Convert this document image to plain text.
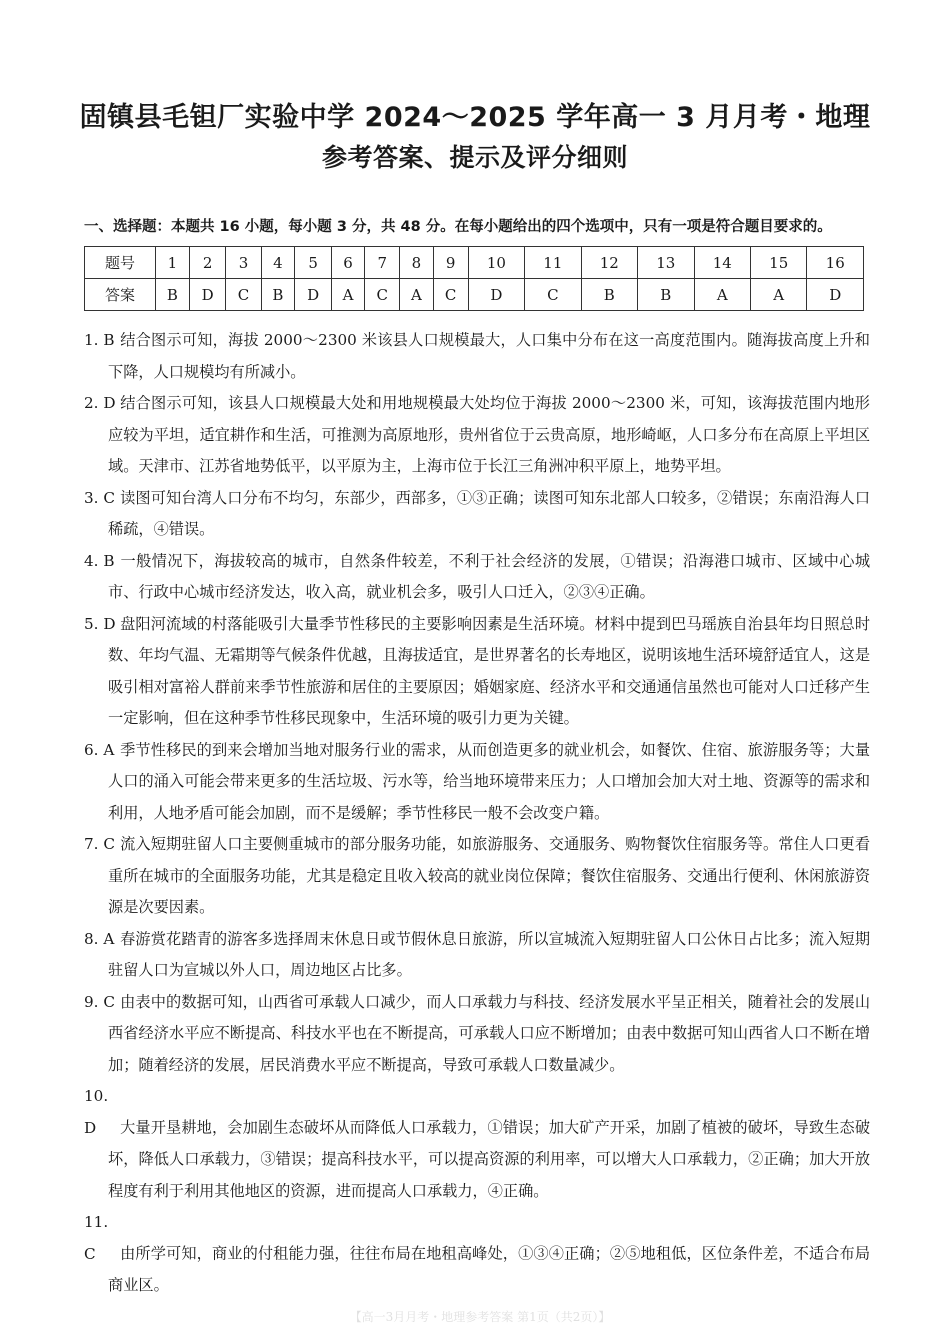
固镇县毛钽厂实验中学 2024～2025 学年高一 3 月月考・地理
参考答案、提示及评分细则
一、选择题：本题共 16 小题，每小题 3 分，共 48 分。在每小题给出的四个选项中，只有一项是符合题目要求的。
题号	1	2	3	4	5	6	7	8	9	10	11	12	13	14	15	16
答案	B	D	C	B	D	A	C	A	C	D	C	B	B	A	A	D
1. B 结合图示可知，海拔 2000～2300 米该县人口规模最大，人口集中分布在这一高度范围内。随海拔高度上升和下降，人口规模均有所减小。
2. D 结合图示可知，该县人口规模最大处和用地规模最大处均位于海拔 2000～2300 米，可知，该海拔范围内地形应较为平坦，适宜耕作和生活，可推测为高原地形，贵州省位于云贵高原，地形崎岖，人口多分布在高原上平坦区域。天津市、江苏省地势低平，以平原为主，上海市位于长江三角洲冲积平原上，地势平坦。
3. C 读图可知台湾人口分布不均匀，东部少，西部多，①③正确；读图可知东北部人口较多，②错误；东南沿海人口稀疏，④错误。
4. B 一般情况下，海拔较高的城市，自然条件较差，不利于社会经济的发展，①错误；沿海港口城市、区域中心城市、行政中心城市经济发达，收入高，就业机会多，吸引人口迁入，②③④正确。
5. D 盘阳河流域的村落能吸引大量季节性移民的主要影响因素是生活环境。材料中提到巴马瑶族自治县年均日照总时数、年均气温、无霜期等气候条件优越，且海拔适宜，是世界著名的长寿地区，说明该地生活环境舒适宜人，这是吸引相对富裕人群前来季节性旅游和居住的主要原因；婚姻家庭、经济水平和交通通信虽然也可能对人口迁移产生一定影响，但在这种季节性移民现象中，生活环境的吸引力更为关键。
6. A 季节性移民的到来会增加当地对服务行业的需求，从而创造更多的就业机会，如餐饮、住宿、旅游服务等；大量人口的涌入可能会带来更多的生活垃圾、污水等，给当地环境带来压力；人口增加会加大对土地、资源等的需求和利用，人地矛盾可能会加剧，而不是缓解；季节性移民一般不会改变户籍。
7. C 流入短期驻留人口主要侧重城市的部分服务功能，如旅游服务、交通服务、购物餐饮住宿服务等。常住人口更看重所在城市的全面服务功能，尤其是稳定且收入较高的就业岗位保障；餐饮住宿服务、交通出行便利、休闲旅游资源是次要因素。
8. A 春游赏花踏青的游客多选择周末休息日或节假休息日旅游，所以宣城流入短期驻留人口公休日占比多；流入短期驻留人口为宣城以外人口，周边地区占比多。
9. C 由表中的数据可知，山西省可承载人口减少，而人口承载力与科技、经济发展水平呈正相关，随着社会的发展山西省经济水平应不断提高、科技水平也在不断提高，可承载人口应不断增加；由表中数据可知山西省人口不断在增加；随着经济的发展，居民消费水平应不断提高，导致可承载人口数量减少。
10. D 大量开垦耕地，会加剧生态破坏从而降低人口承载力，①错误；加大矿产开采，加剧了植被的破坏，导致生态破坏，降低人口承载力，③错误；提高科技水平，可以提高资源的利用率，可以增大人口承载力，②正确；加大开放程度有利于利用其他地区的资源，进而提高人口承载力，④正确。
11. C 由所学可知，商业的付租能力强，往往布局在地租高峰处，①③④正确；②⑤地租低，区位条件差，不适合布局商业区。
【高一3月月考・地理参考答案 第1页（共2页）】
